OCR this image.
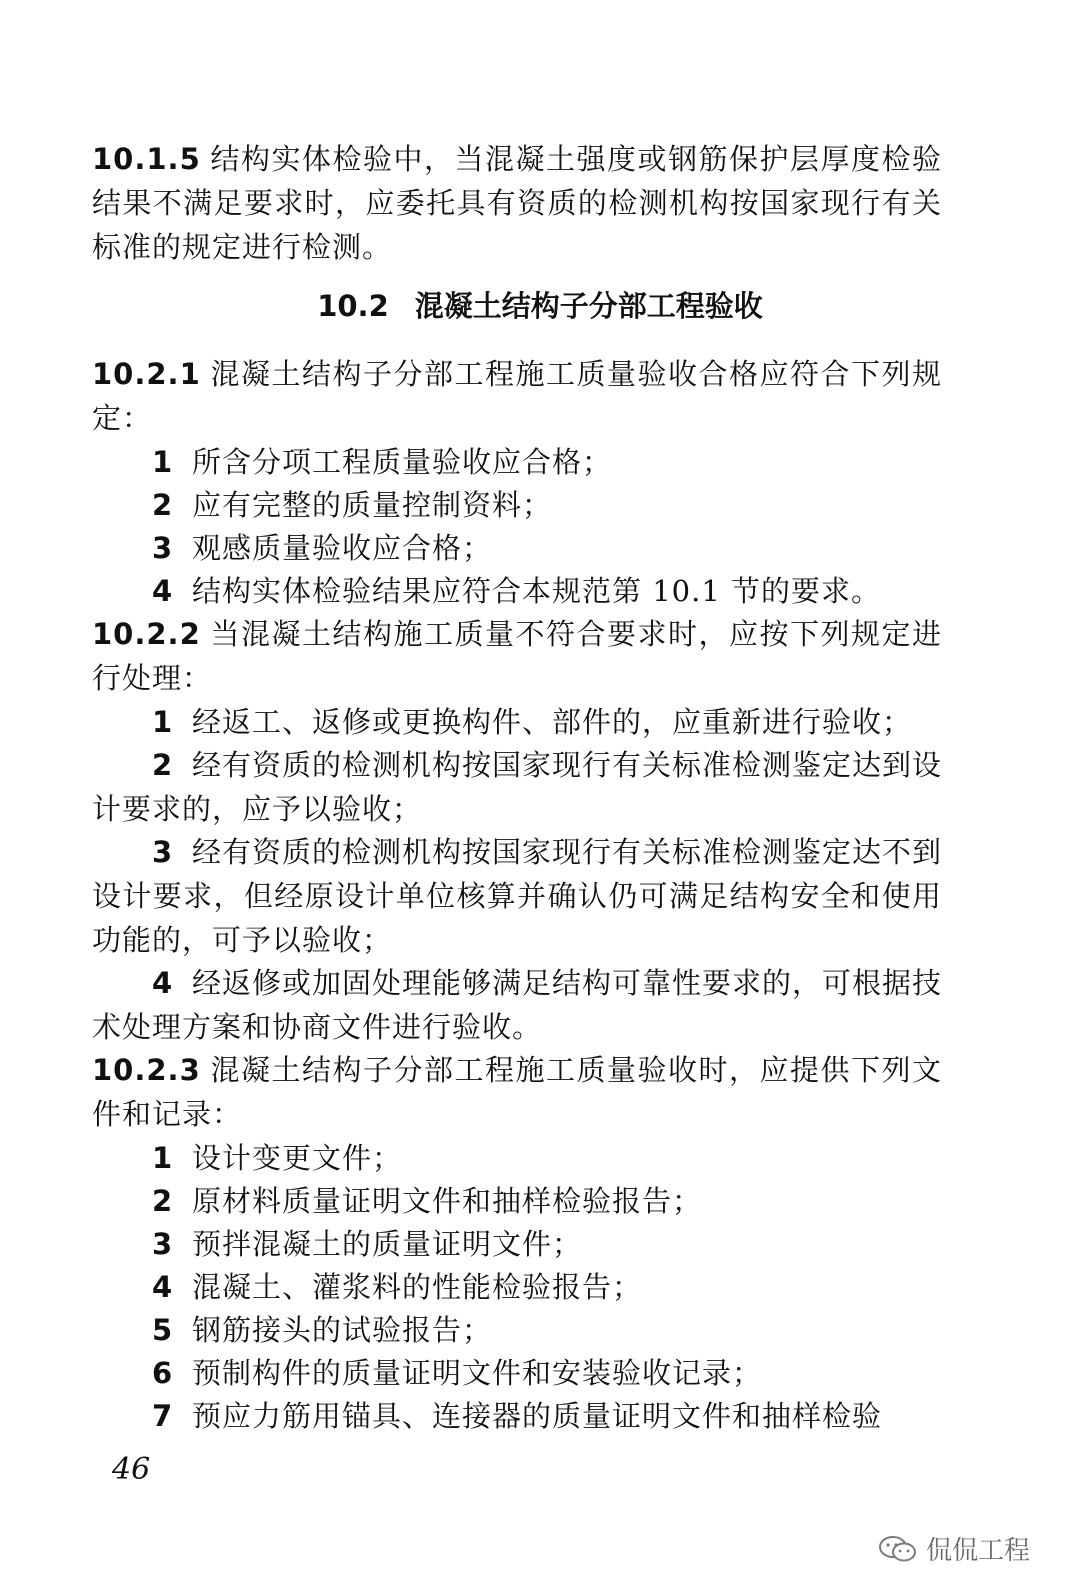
10.1.5 结构实体检验中，当混凝土强度或钢筋保护层厚度检验结果不满足要求时，应委托具有资质的检测机构按国家现行有关标准的规定进行检测。
10.2 混凝土结构子分部工程验收
10.2.1 混凝土结构子分部工程施工质量验收合格应符合下列规定：
1 所含分项工程质量验收应合格；
2 应有完整的质量控制资料；
3 观感质量验收应合格；
4 结构实体检验结果应符合本规范第 10.1 节的要求。
10.2.2 当混凝土结构施工质量不符合要求时，应按下列规定进行处理：
1 经返工、返修或更换构件、部件的，应重新进行验收；
2 经有资质的检测机构按国家现行有关标准检测鉴定达到设计要求的，应予以验收；
3 经有资质的检测机构按国家现行有关标准检测鉴定达不到设计要求，但经原设计单位核算并确认仍可满足结构安全和使用功能的，可予以验收；
4 经返修或加固处理能够满足结构可靠性要求的，可根据技术处理方案和协商文件进行验收。
10.2.3 混凝土结构子分部工程施工质量验收时，应提供下列文件和记录：
1 设计变更文件；
2 原材料质量证明文件和抽样检验报告；
3 预拌混凝土的质量证明文件；
4 混凝土、灌浆料的性能检验报告；
5 钢筋接头的试验报告；
6 预制构件的质量证明文件和安装验收记录；
7 预应力筋用锚具、连接器的质量证明文件和抽样检验
46
侃侃工程
